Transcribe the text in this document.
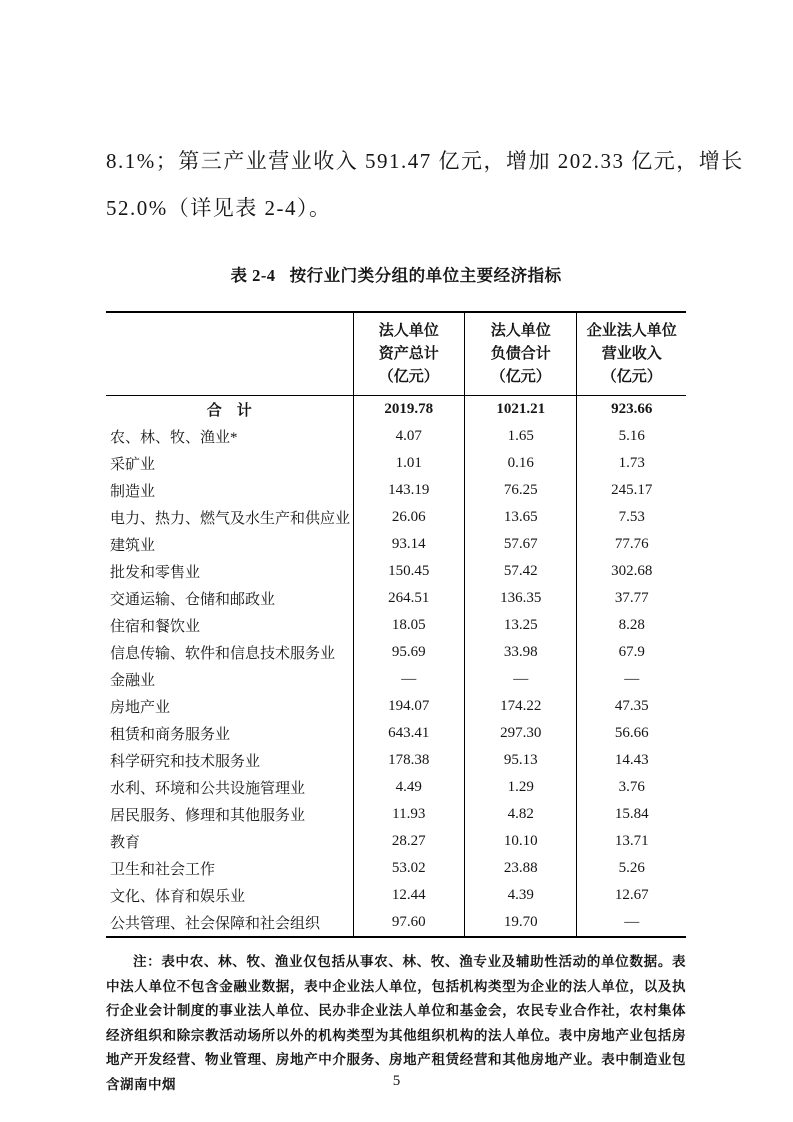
8.1%；第三产业营业收入 591.47 亿元，增加 202.33 亿元，增长
52.0%（详见表 2-4）。
表 2-4 按行业门类分组的单位主要经济指标

法人单位
资产总计
（亿元）

法人单位
负债合计
（亿元）

企业法人单位
营业收入
（亿元）

合　计	2019.78	1021.21	923.66
农、林、牧、渔业*	4.07	1.65	5.16
采矿业	1.01	0.16	1.73
制造业	143.19	76.25	245.17
电力、热力、燃气及水生产和供应业	26.06	13.65	7.53
建筑业	93.14	57.67	77.76
批发和零售业	150.45	57.42	302.68
交通运输、仓储和邮政业	264.51	136.35	37.77
住宿和餐饮业	18.05	13.25	8.28
信息传输、软件和信息技术服务业	95.69	33.98	67.9
金融业	—	—	—
房地产业	194.07	174.22	47.35
租赁和商务服务业	643.41	297.30	56.66
科学研究和技术服务业	178.38	95.13	14.43
水利、环境和公共设施管理业	4.49	1.29	3.76
居民服务、修理和其他服务业	11.93	4.82	15.84
教育	28.27	10.10	13.71
卫生和社会工作	53.02	23.88	5.26
文化、体育和娱乐业	12.44	4.39	12.67
公共管理、社会保障和社会组织	97.60	19.70	—
注：表中农、林、牧、渔业仅包括从事农、林、牧、渔专业及辅助性活动的单位数据。表中法人单位不包含金融业数据，表中企业法人单位，包括机构类型为企业的法人单位，以及执行企业会计制度的事业法人单位、民办非企业法人单位和基金会，农民专业合作社，农村集体经济组织和除宗教活动场所以外的机构类型为其他组织机构的法人单位。表中房地产业包括房地产开发经营、物业管理、房地产中介服务、房地产租赁经营和其他房地产业。表中制造业包含湖南中烟	5
